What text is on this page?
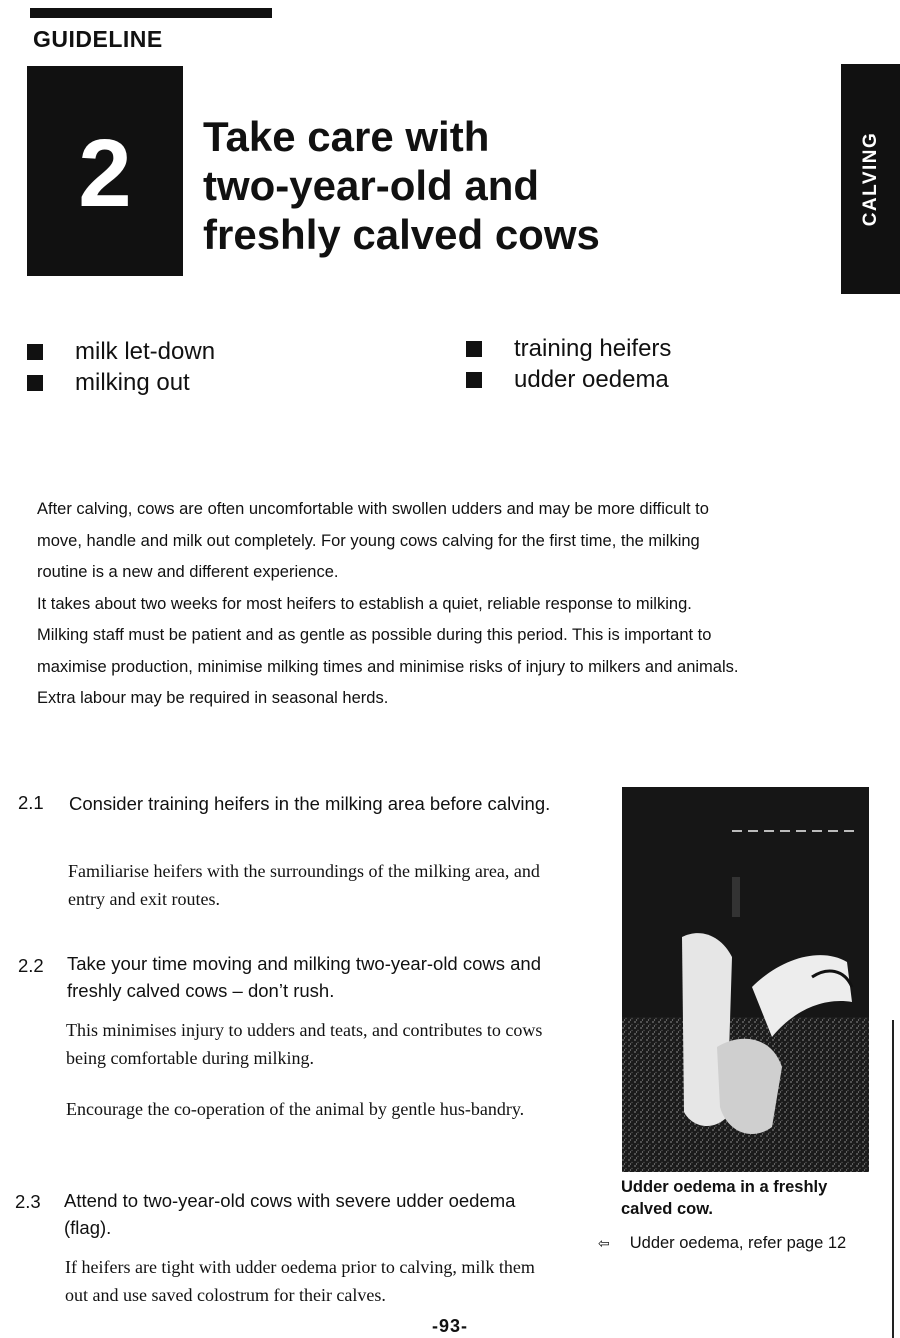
GUIDELINE
2	Take care with
two-year-old and
freshly calved cows
CALVING
milk let-down
milking out
training heifers
udder oedema

After calving, cows are often uncomfortable with swollen udders and may be more difficult to

move, handle and milk out completely. For young cows calving for the first time, the milking

routine is a new and different experience.

It takes about two weeks for most heifers to establish a quiet, reliable response to milking.

Milking staff must be patient and as gentle as possible during this period. This is important to

maximise production, minimise milking times and minimise risks of injury to milkers and animals.

Extra labour may be required in seasonal herds.

2.1 Consider training heifers in the milking area before calving.
Familiarise heifers with the surroundings of the milking area, and entry and exit routes.
2.2 Take your time moving and milking two-year-old cows and freshly calved cows – don’t rush.
This minimises injury to udders and teats, and contributes to cows being comfortable during milking.
Encourage the co-operation of the animal by gentle hus-bandry.
2.3 Attend to two-year-old cows with severe udder oedema (flag).
If heifers are tight with udder oedema prior to calving, milk them out and use saved colostrum for their calves.
Udder oedema in a freshly calved cow.
⇦ Udder oedema, refer page 12
-93-
